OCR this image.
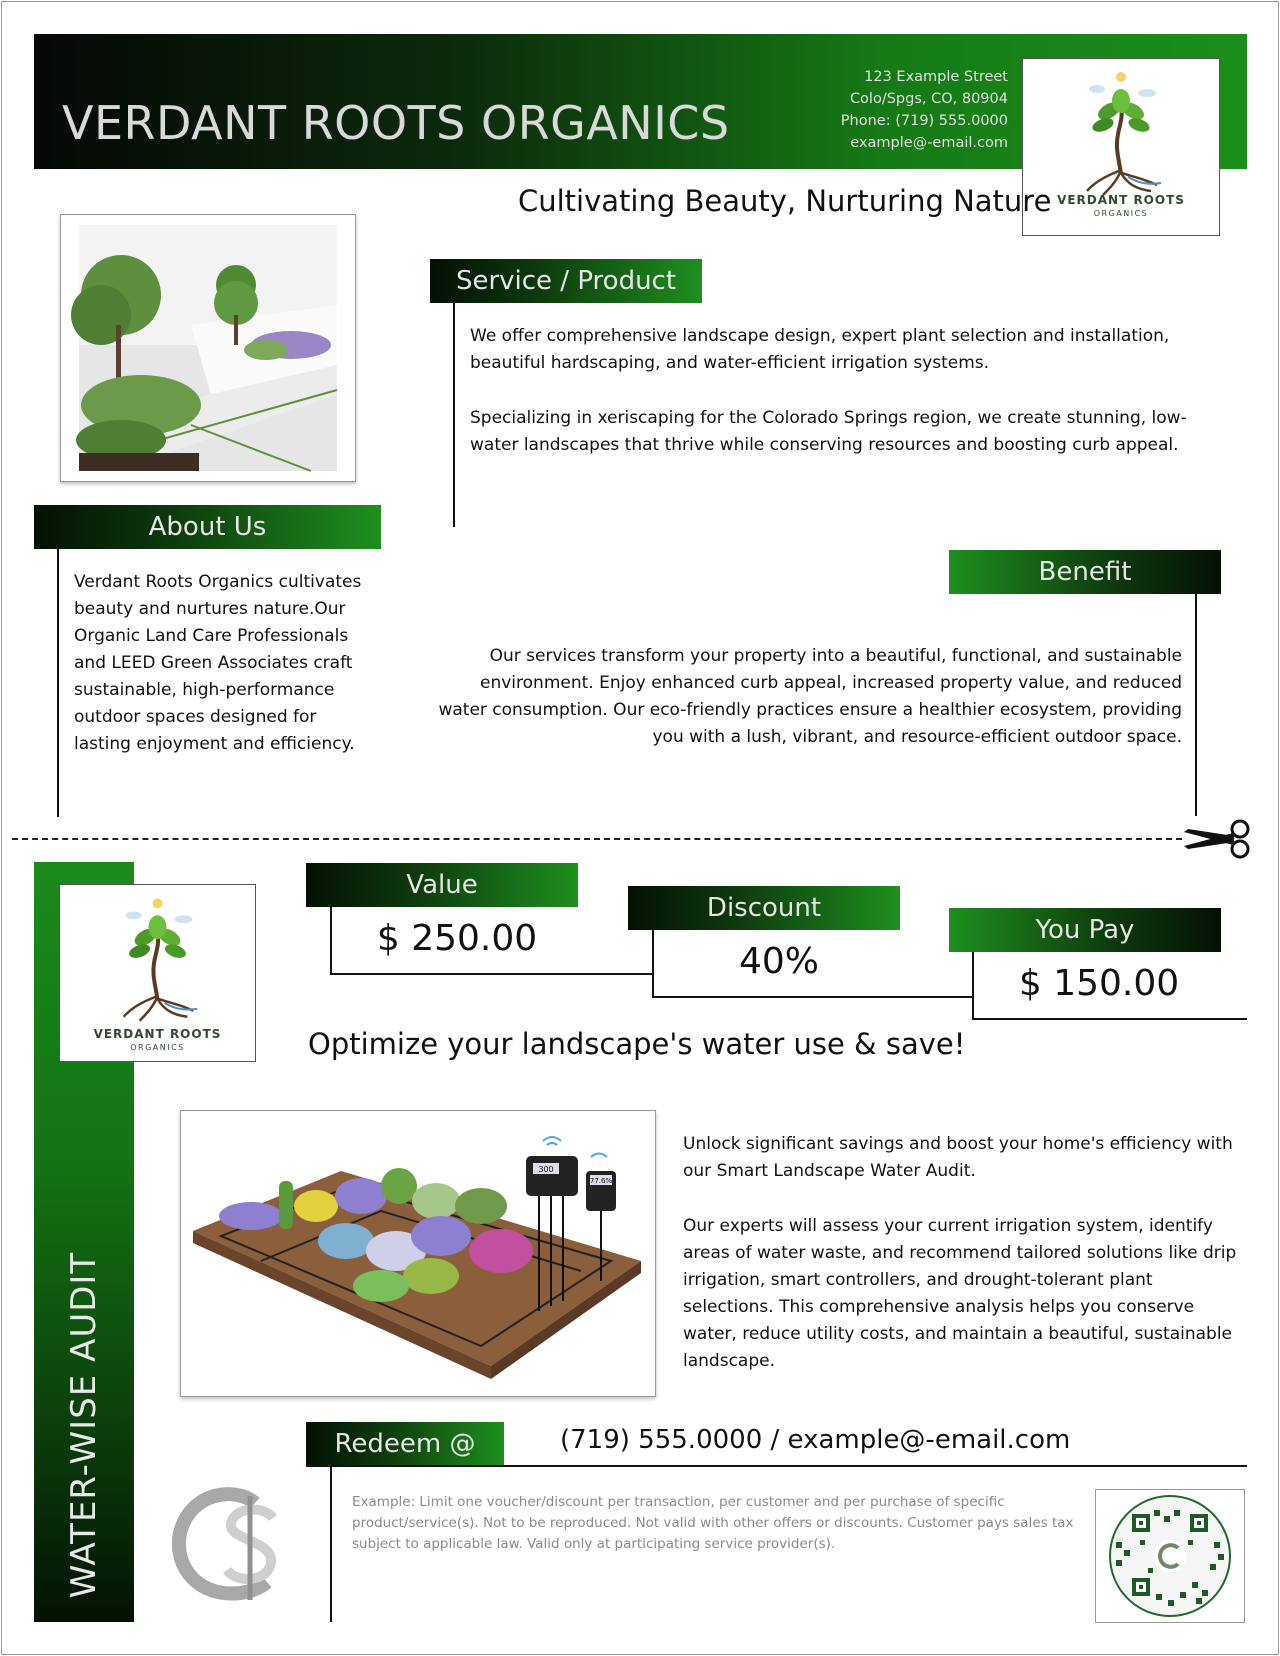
VERDANT ROOTS ORGANICS
123 Example Street
Colo/Spgs, CO, 80904
Phone: (719) 555.0000
example@-email.com
VERDANT ROOTS
ORGANICS
Cultivating Beauty, Nurturing Nature
Service / Product
We offer comprehensive landscape design, expert plant selection and installation, beautiful hardscaping, and water-efficient irrigation systems.
Specializing in xeriscaping for the Colorado Springs region, we create stunning, low-water landscapes that thrive while conserving resources and boosting curb appeal.
About Us
Verdant Roots Organics cultivates beauty and nurtures nature.Our Organic Land Care Professionals and LEED Green Associates craft sustainable, high-performance outdoor spaces designed for lasting enjoyment and efficiency.
Benefit
Our services transform your property into a beautiful, functional, and sustainable environment. Enjoy enhanced curb appeal, increased property value, and reduced water consumption. Our eco-friendly practices ensure a healthier ecosystem, providing you with a lush, vibrant, and resource-efficient outdoor space.
WATER-WISE AUDIT
VERDANT ROOTS
ORGANICS
Value
$ 250.00
Discount
40%
You Pay
$ 150.00
Optimize your landscape's water use & save!
300
77.6%
Unlock significant savings and boost your home's efficiency with our Smart Landscape Water Audit.
Our experts will assess your current irrigation system, identify areas of water waste, and recommend tailored solutions like drip irrigation, smart controllers, and drought-tolerant plant selections. This comprehensive analysis helps you conserve water, reduce utility costs, and maintain a beautiful, sustainable landscape.
Redeem @	(719) 555.0000 / example@-email.com
Example: Limit one voucher/discount per transaction, per customer and per purchase of specific product/service(s). Not to be reproduced. Not valid with other offers or discounts. Customer pays sales tax subject to applicable law. Valid only at participating service provider(s).
